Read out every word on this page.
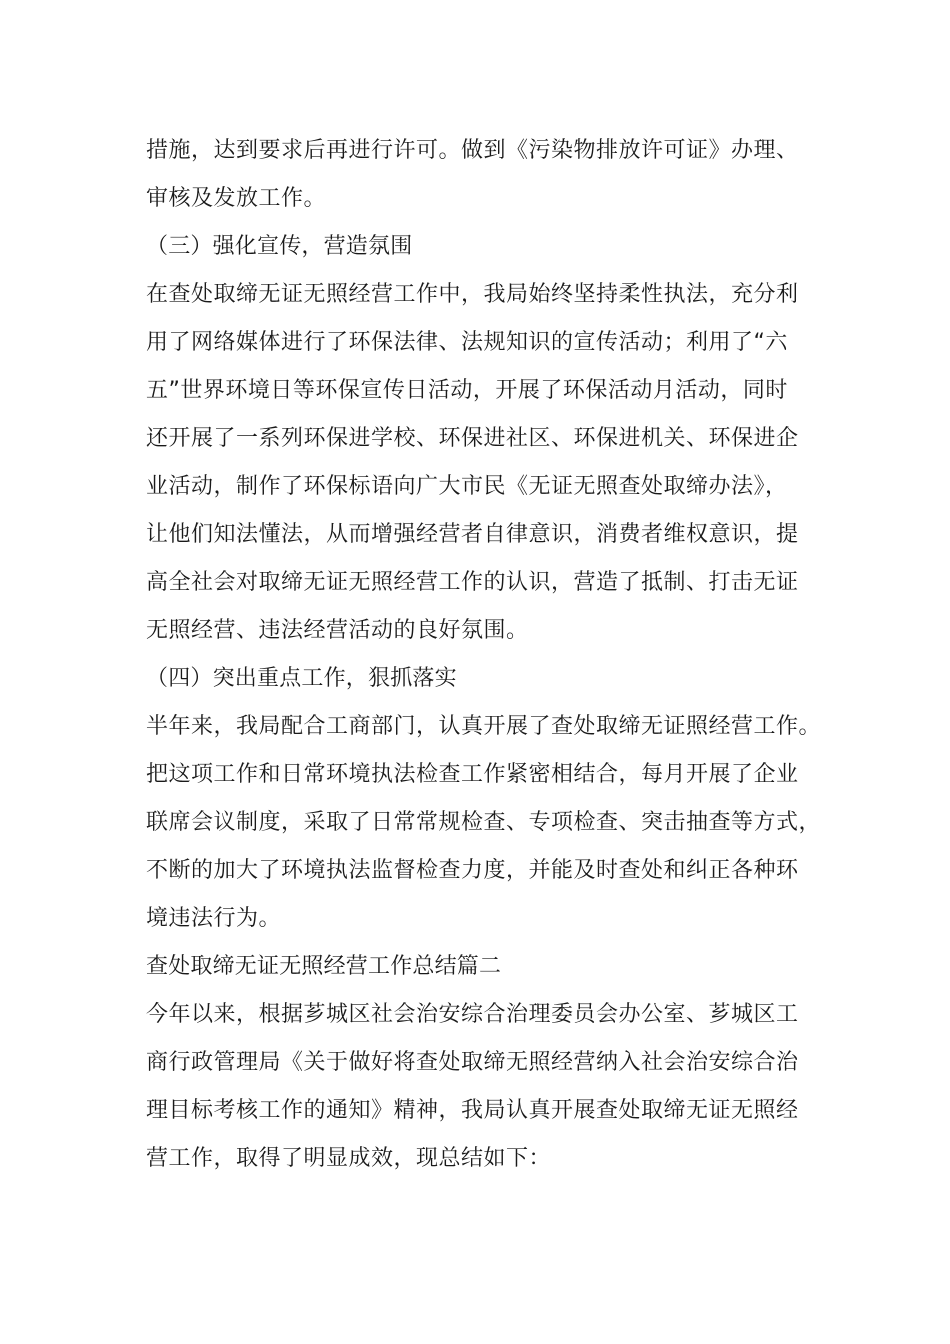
措施，达到要求后再进行许可。做到《污染物排放许可证》办理、
审核及发放工作。
（三）强化宣传，营造氛围
在查处取缔无证无照经营工作中，我局始终坚持柔性执法，充分利
用了网络媒体进行了环保法律、法规知识的宣传活动；利用了“六
五”世界环境日等环保宣传日活动，开展了环保活动月活动，同时
还开展了一系列环保进学校、环保进社区、环保进机关、环保进企
业活动，制作了环保标语向广大市民《无证无照查处取缔办法》，
让他们知法懂法，从而增强经营者自律意识，消费者维权意识，提
高全社会对取缔无证无照经营工作的认识，营造了抵制、打击无证
无照经营、违法经营活动的良好氛围。
（四）突出重点工作，狠抓落实
半年来，我局配合工商部门，认真开展了查处取缔无证照经营工作。
把这项工作和日常环境执法检查工作紧密相结合，每月开展了企业
联席会议制度，采取了日常常规检查、专项检查、突击抽查等方式，
不断的加大了环境执法监督检查力度，并能及时查处和纠正各种环
境违法行为。
查处取缔无证无照经营工作总结篇二
今年以来，根据芗城区社会治安综合治理委员会办公室、芗城区工
商行政管理局《关于做好将查处取缔无照经营纳入社会治安综合治
理目标考核工作的通知》精神，我局认真开展查处取缔无证无照经
营工作，取得了明显成效，现总结如下：
